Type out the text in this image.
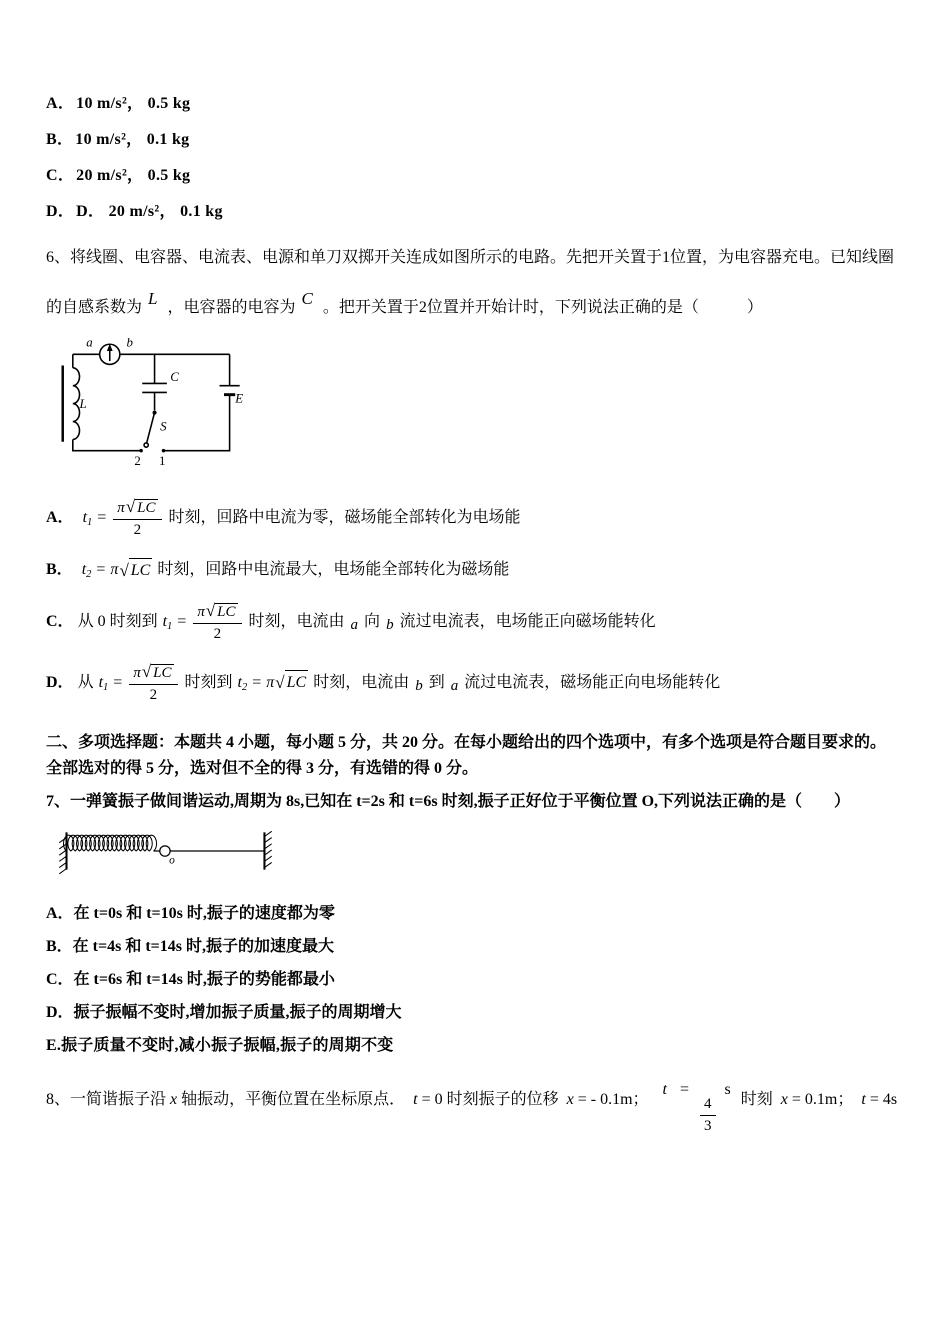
A． 10 m/s²， 0.5 kg
B． 10 m/s²， 0.1 kg
C． 20 m/s²， 0.5 kg
D． D． 20 m/s²， 0.1 kg
6、将线圈、电容器、电流表、电源和单刀双掷开关连成如图所示的电路。先把开关置于1位置，为电容器充电。已知线圈
的自感系数为 L ，电容器的电容为 C 。把开关置于2位置并开始计时，下列说法正确的是（　　　）
a	b
C
L	E
S
2 1
A． $t_1 = \frac{\pi√ LC}{2}$ 时刻，回路中电流为零，磁场能全部转化为电场能
B． $t_2 = \pi$ √ LC 时刻，回路中电流最大，电场能全部转化为磁场能
C． 从 0 时刻到 $t_1 = \frac{\pi√ LC}{2}$ 时刻，电流由 a 向 b 流过电流表，电场能正向磁场能转化
D． 从 $t_1 = \frac{\pi√ LC}{2}$ 时刻到 $t_2 = \pi$ √ LC 时刻，电流由 b 到 a 流过电流表，磁场能正向电场能转化
二、多项选择题：本题共 4 小题，每小题 5 分，共 20 分。在每小题给出的四个选项中，有多个选项是符合题目要求的。
全部选对的得 5 分，选对但不全的得 3 分，有选错的得 0 分。
7、一弹簧振子做间谐运动,周期为 8s,已知在 t=2s 和 t=6s 时刻,振子正好位于平衡位置 O,下列说法正确的是（　　）
o
A．在 t=0s 和 t=10s 时,振子的速度都为零
B．在 t=4s 和 t=14s 时,振子的加速度最大
C．在 t=6s 和 t=14s 时,振子的势能都最小
D．振子振幅不变时,增加振子质量,振子的周期增大
E.振子质量不变时,减小振子振幅,振子的周期不变
8、一简谐振子沿 x 轴振动，平衡位置在坐标原点． t = 0 时刻振子的位移 x = - 0.1m； t =
$\frac{4}{3}$
s 时刻 x = 0.1m； t = 4s
